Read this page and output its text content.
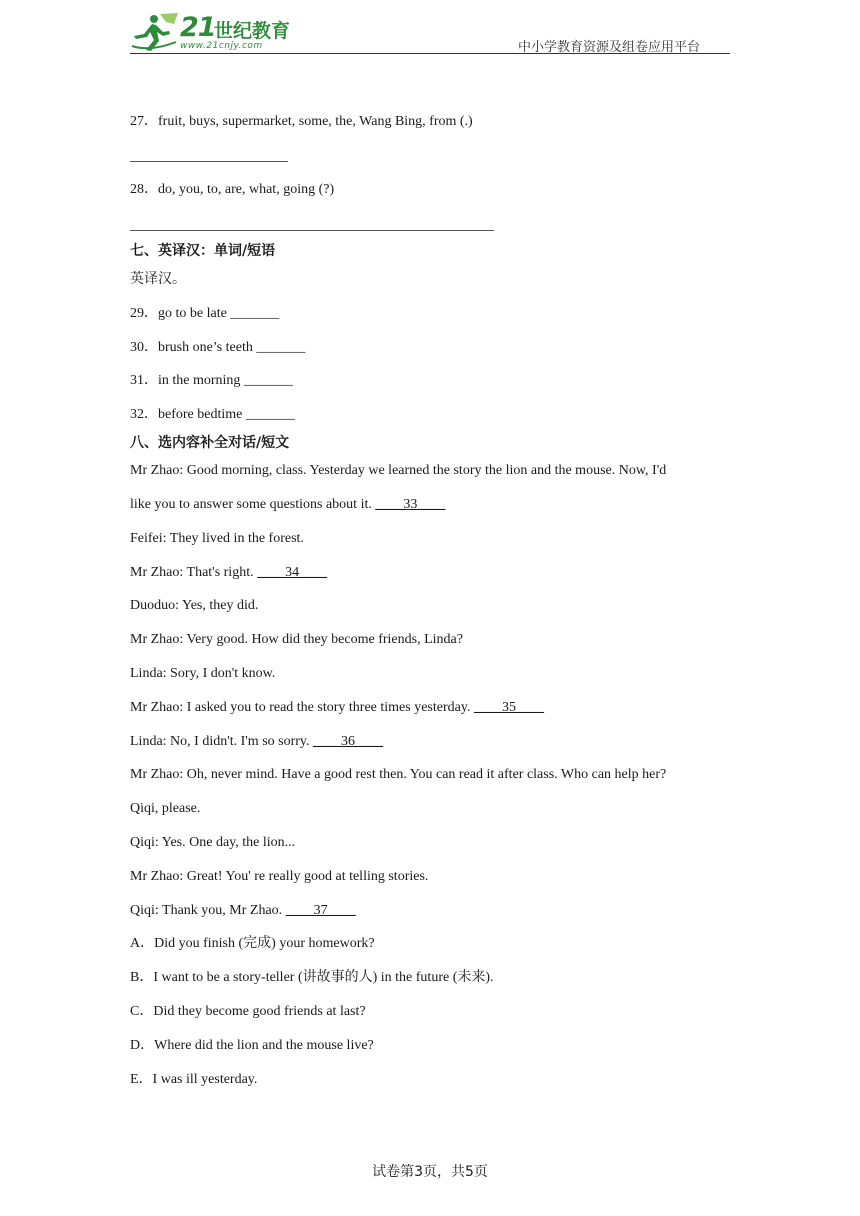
21
世纪教育
www.21cnjy.com	中小学教育资源及组卷应用平台
27．fruit, buys, supermarket, some, the, Wang Bing, from (.)
28．do, you, to, are, what, going (?)
七、英译汉：单词/短语
英译汉。
29．go to be late _______
30．brush one’s teeth _______
31．in the morning _______
32．before bedtime _______
八、选内容补全对话/短文
Mr Zhao: Good morning, class. Yesterday we learned the story the lion and the mouse. Now, I'd
like you to answer some questions about it. ____33____
Feifei: They lived in the forest.
Mr Zhao: That's right. ____34____
Duoduo: Yes, they did.
Mr Zhao: Very good. How did they become friends, Linda?
Linda: Sory, I don't know.
Mr Zhao: I asked you to read the story three times yesterday. ____35____
Linda: No, I didn't. I'm so sorry. ____36____
Mr Zhao: Oh, never mind. Have a good rest then. You can read it after class. Who can help her?
Qiqi, please.
Qiqi: Yes. One day, the lion...
Mr Zhao: Great! You' re really good at telling stories.
Qiqi: Thank you, Mr Zhao. ____37____
A．Did you finish (完成) your homework?
B．I want to be a story-teller (讲故事的人) in the future (未来).
C．Did they become good friends at last?
D．Where did the lion and the mouse live?
E．I was ill yesterday.
试卷第3页，共5页
